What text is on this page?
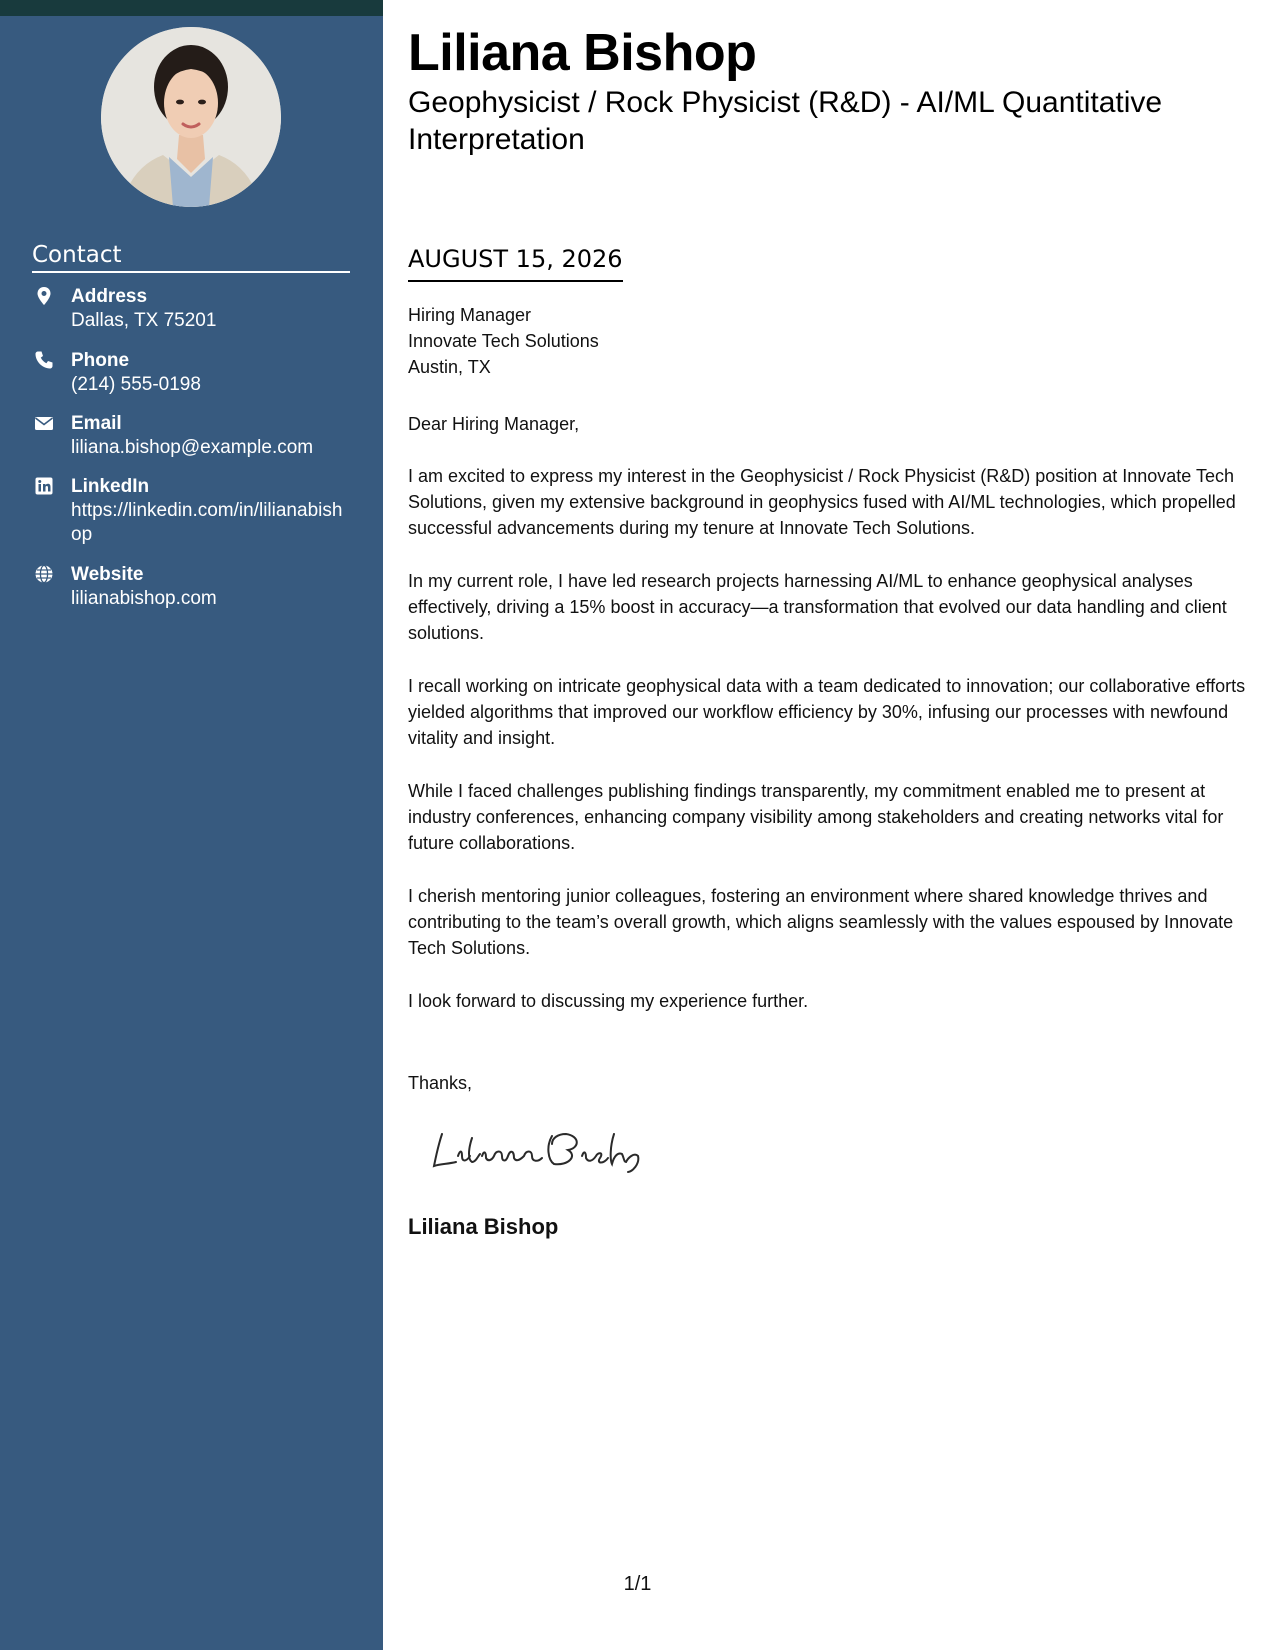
Contact
Address
Dallas, TX 75201
Phone
(214) 555-0198
Email
liliana.bishop@example.com
LinkedIn
https://linkedin.com/in/lilianabishop
Website
lilianabishop.com
Liliana Bishop
Geophysicist / Rock Physicist (R&D) - AI/ML Quantitative Interpretation
AUGUST 15, 2026
Hiring Manager
Innovate Tech Solutions
Austin, TX
Dear Hiring Manager,

I am excited to express my interest in the Geophysicist / Rock Physicist (R&D) position at Innovate Tech Solutions, given my extensive background in geophysics fused with AI/ML technologies, which propelled successful advancements during my tenure at Innovate Tech Solutions.

In my current role, I have led research projects harnessing AI/ML to enhance geophysical analyses effectively, driving a 15% boost in accuracy—a transformation that evolved our data handling and client solutions.

I recall working on intricate geophysical data with a team dedicated to innovation; our collaborative efforts yielded algorithms that improved our workflow efficiency by 30%, infusing our processes with newfound vitality and insight.

While I faced challenges publishing findings transparently, my commitment enabled me to present at industry conferences, enhancing company visibility among stakeholders and creating networks vital for future collaborations.

I cherish mentoring junior colleagues, fostering an environment where shared knowledge thrives and contributing to the team’s overall growth, which aligns seamlessly with the values espoused by Innovate Tech Solutions.

I look forward to discussing my experience further.

Thanks,
Liliana Bishop
1/1
